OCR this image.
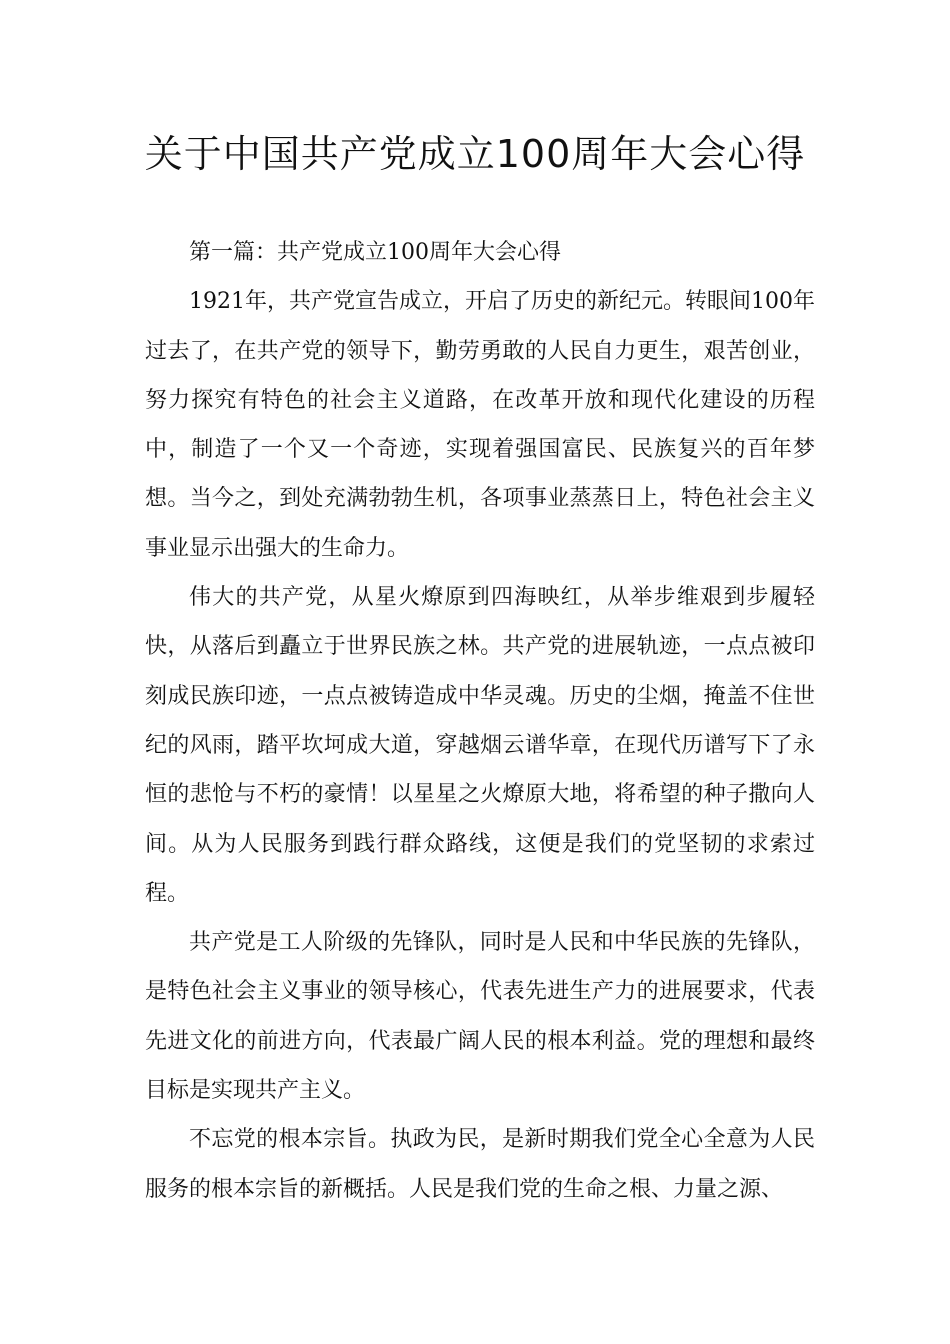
关于中国共产党成立100周年大会心得

第一篇：共产党成立100周年大会心得

1921年，共产党宣告成立，开启了历史的新纪元。转眼间100年过去了，在共产党的领导下，勤劳勇敢的人民自力更生，艰苦创业，努力探究有特色的社会主义道路，在改革开放和现代化建设的历程中，制造了一个又一个奇迹，实现着强国富民、民族复兴的百年梦想。当今之，到处充满勃勃生机，各项事业蒸蒸日上，特色社会主义事业显示出强大的生命力。

伟大的共产党，从星火燎原到四海映红，从举步维艰到步履轻快，从落后到矗立于世界民族之林。共产党的进展轨迹，一点点被印刻成民族印迹，一点点被铸造成中华灵魂。历史的尘烟，掩盖不住世纪的风雨，踏平坎坷成大道，穿越烟云谱华章，在现代历谱写下了永恒的悲怆与不朽的豪情！以星星之火燎原大地，将希望的种子撒向人间。从为人民服务到践行群众路线，这便是我们的党坚韧的求索过程。

共产党是工人阶级的先锋队，同时是人民和中华民族的先锋队，是特色社会主义事业的领导核心，代表先进生产力的进展要求，代表先进文化的前进方向，代表最广阔人民的根本利益。党的理想和最终目标是实现共产主义。

不忘党的根本宗旨。执政为民，是新时期我们党全心全意为人民服务的根本宗旨的新概括。人民是我们党的生命之根、力量之源、
